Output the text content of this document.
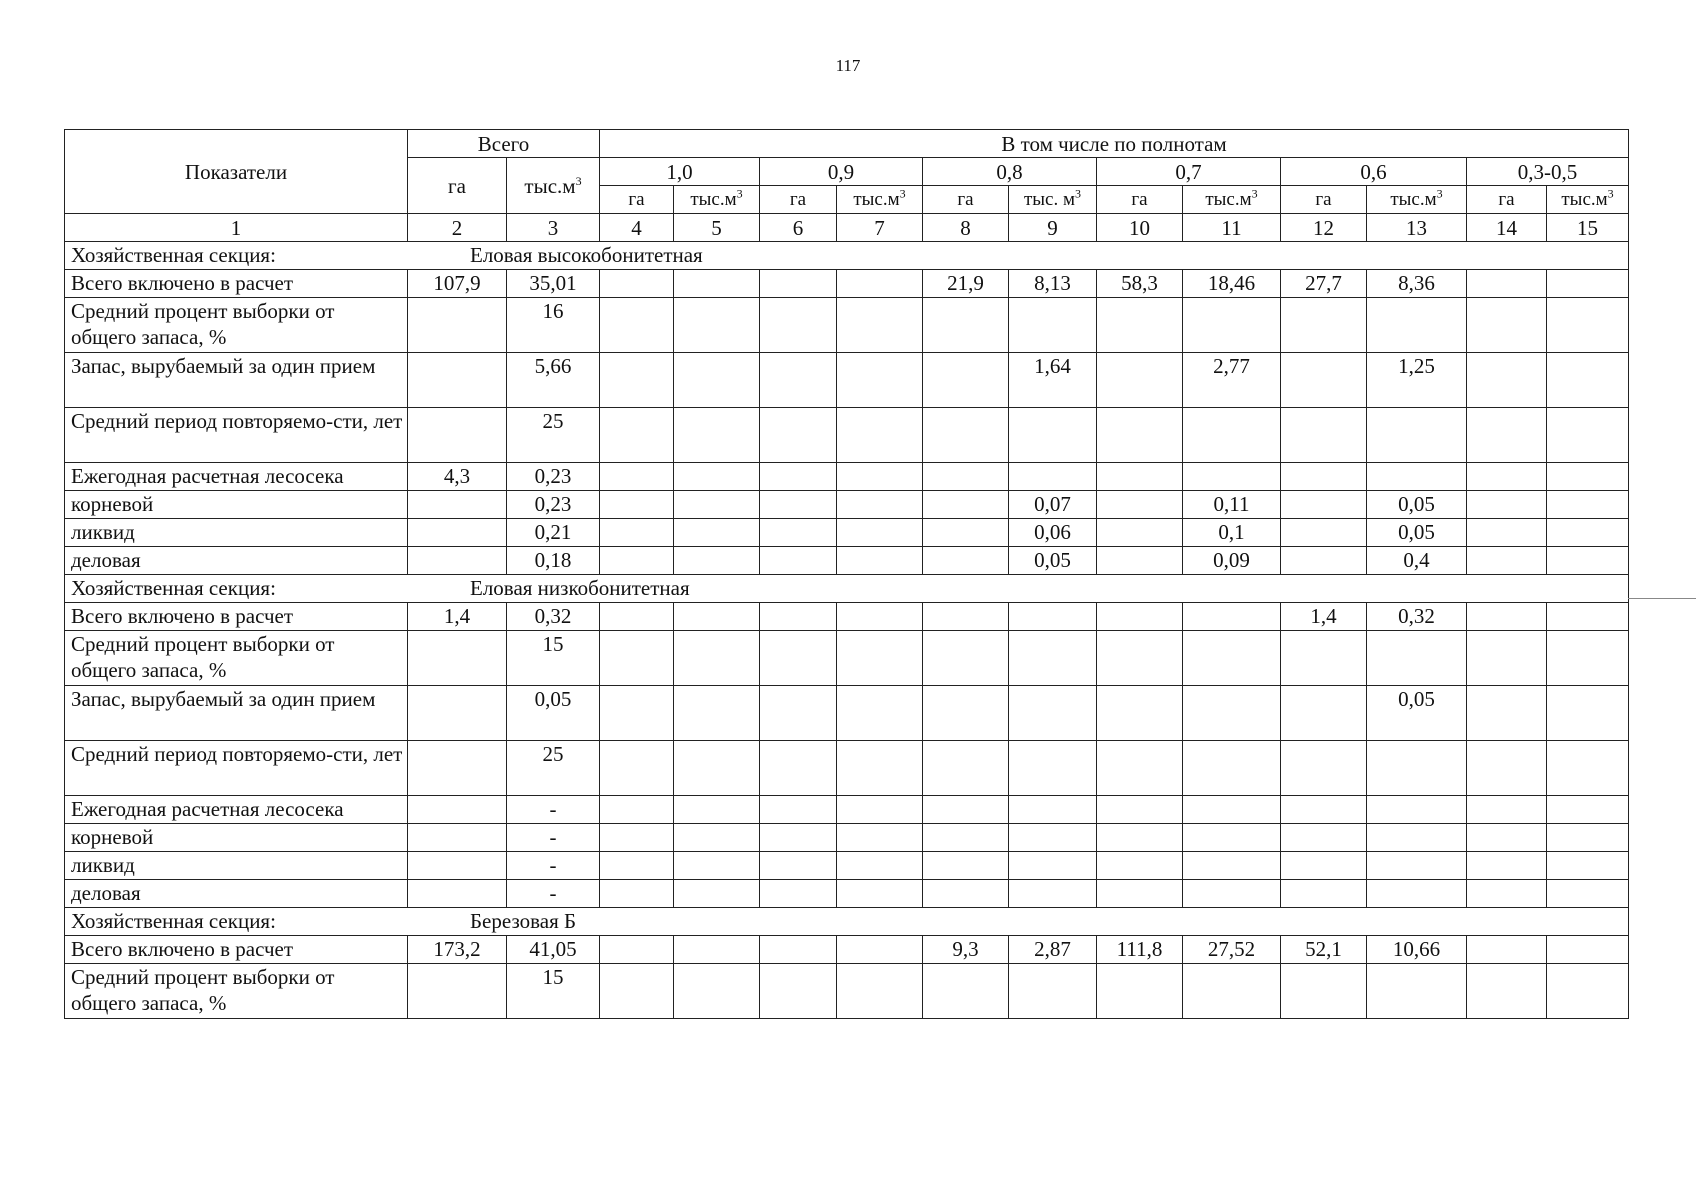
117
Показатели	Всего		В том числе по полнотам											
	га	$тыс.м^3$	1,0		0,9		0,8		0,7		0,6		0,3-0,5	
			га	$тыс.м^3$	га	$тыс.м^3$	га	тыс. $м^3$	га	$тыс.м^3$	га	$тыс.м^3$	га	$тыс.м^3$
1	2	3	4	5	6	7	8	9	10	11	12	13	14	15
Хозяйственная секция: Еловая высокобонитетная														

Всего включено в расчет	107,9	35,01					21,9	8,13	58,3	18,46	27,7	8,36		
Средний процент выборки от общего запаса, %		16												
Запас, вырубаемый за один прием		5,66						1,64		2,77		1,25		
Средний период повторяемо-сти, лет		25												
Ежегодная расчетная лесосека	4,3	0,23												
корневой		0,23						0,07		0,11		0,05		
ликвид		0,21						0,06		0,1		0,05		
деловая		0,18						0,05		0,09		0,4		
Хозяйственная секция: Еловая низкобонитетная														

Всего включено в расчет	1,4	0,32									1,4	0,32		
Средний процент выборки от общего запаса, %		15												
Запас, вырубаемый за один прием		0,05										0,05		
Средний период повторяемо-сти, лет		25												
Ежегодная расчетная лесосека		-												
корневой		-												
ликвид		-												
деловая		-												
Хозяйственная секция: Березовая Б														

Всего включено в расчет	173,2	41,05					9,3	2,87	111,8	27,52	52,1	10,66		
Средний процент выборки от общего запаса, %		15												
